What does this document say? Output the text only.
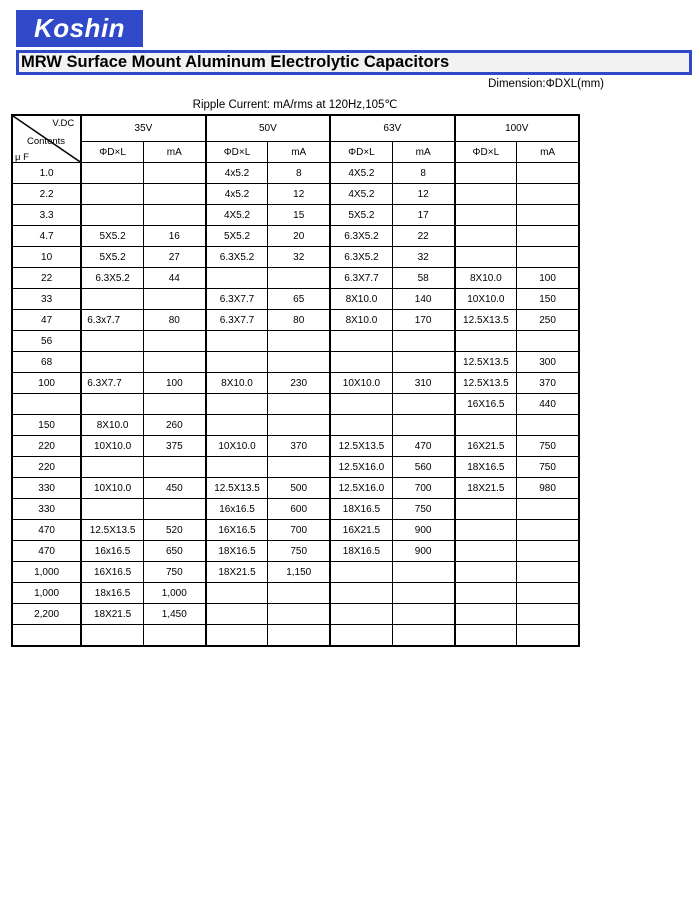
Koshin
MRW Surface Mount Aluminum Electrolytic Capacitors
Dimension:ΦDXL(mm)
Ripple Current: mA/rms at 120Hz,105℃
V.DC
Contents
μ F	35V		50V		63V		100V	
	ΦD×L	mA	ΦD×L	mA	ΦD×L	mA	ΦD×L	mA
1.0			4x5.2	8	4X5.2	8		
2.2			4x5.2	12	4X5.2	12		
3.3			4X5.2	15	5X5.2	17		
4.7	5X5.2	16	5X5.2	20	6.3X5.2	22		
10	5X5.2	27	6.3X5.2	32	6.3X5.2	32		
22	6.3X5.2	44			6.3X7.7	58	8X10.0	100
33			6.3X7.7	65	8X10.0	140	10X10.0	150
47	6.3x7.7	80	6.3X7.7	80	8X10.0	170	12.5X13.5	250
56								
68							12.5X13.5	300
100	6.3X7.7	100	8X10.0	230	10X10.0	310	12.5X13.5	370
							16X16.5	440
150	8X10.0	260						
220	10X10.0	375	10X10.0	370	12.5X13.5	470	16X21.5	750
220					12.5X16.0	560	18X16.5	750
330	10X10.0	450	12.5X13.5	500	12.5X16.0	700	18X21.5	980
330			16x16.5	600	18X16.5	750		
470	12.5X13.5	520	16X16.5	700	16X21.5	900		
470	16x16.5	650	18X16.5	750	18X16.5	900		
1,000	16X16.5	750	18X21.5	1,150				
1,000	18x16.5	1,000						
2,200	18X21.5	1,450						
